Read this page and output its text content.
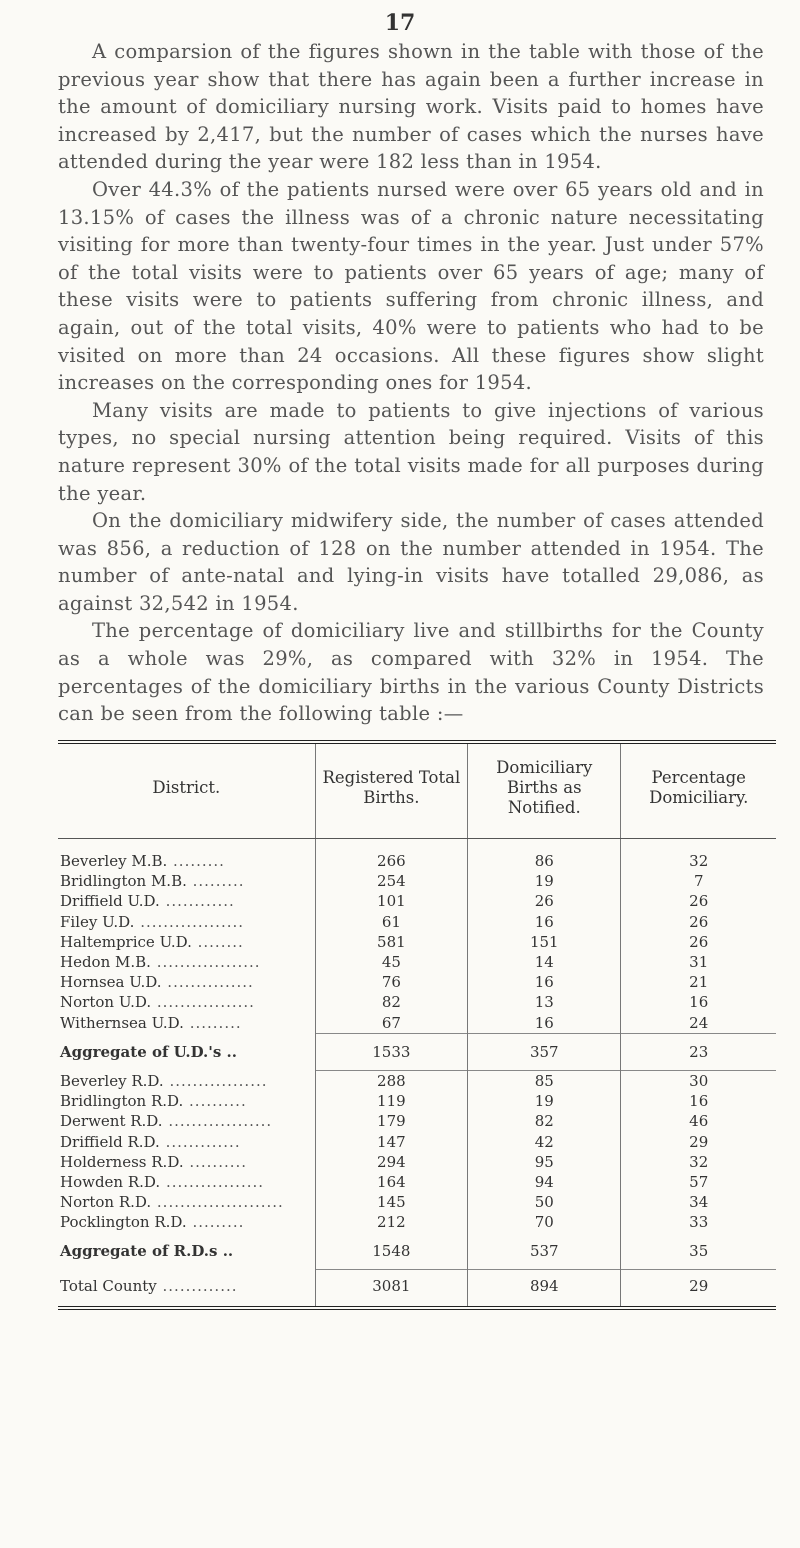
17

A comparsion of the figures shown in the table with those of the previous year show that there has again been a further increase in the amount of domiciliary nursing work. Visits paid to homes have increased by 2,417, but the number of cases which the nurses have attended during the year were 182 less than in 1954.

Over 44.3% of the patients nursed were over 65 years old and in 13.15% of cases the illness was of a chronic nature necessitating visiting for more than twenty-four times in the year. Just under 57% of the total visits were to patients over 65 years of age; many of these visits were to patients suffering from chronic illness, and again, out of the total visits, 40% were to patients who had to be visited on more than 24 occasions. All these figures show slight increases on the corresponding ones for 1954.

Many visits are made to patients to give injections of various types, no special nursing attention being required. Visits of this nature represent 30% of the total visits made for all purposes during the year.

On the domiciliary midwifery side, the number of cases attended was 856, a reduction of 128 on the number attended in 1954. The number of ante-natal and lying-in visits have totalled 29,086, as against 32,542 in 1954.

The percentage of domiciliary live and stillbirths for the County as a whole was 29%, as compared with 32% in 1954. The percentages of the domiciliary births in the various County Districts can be seen from the following table :—

District.	Registered Total Births.	Domiciliary Births as Notified.	Percentage Domiciliary.

Beverley M.B. .........	266	86	32
Bridlington M.B. .........	254	19	7
Driffield U.D. ............	101	26	26
Filey U.D. ..................	61	16	26
Haltemprice U.D. ........	581	151	26
Hedon M.B. ..................	45	14	31
Hornsea U.D. ...............	76	16	21
Norton U.D. .................	82	13	16
Withernsea U.D. .........	67	16	24
Aggregate of U.D.'s ..	1533	357	23
Beverley R.D. .................	288	85	30
Bridlington R.D. ..........	119	19	16
Derwent R.D. ..................	179	82	46
Driffield R.D. .............	147	42	29
Holderness R.D. ..........	294	95	32
Howden R.D. .................	164	94	57
Norton R.D. ......................	145	50	34
Pocklington R.D. .........	212	70	33
Aggregate of R.D.s ..	1548	537	35
Total County .............	3081	894	29
